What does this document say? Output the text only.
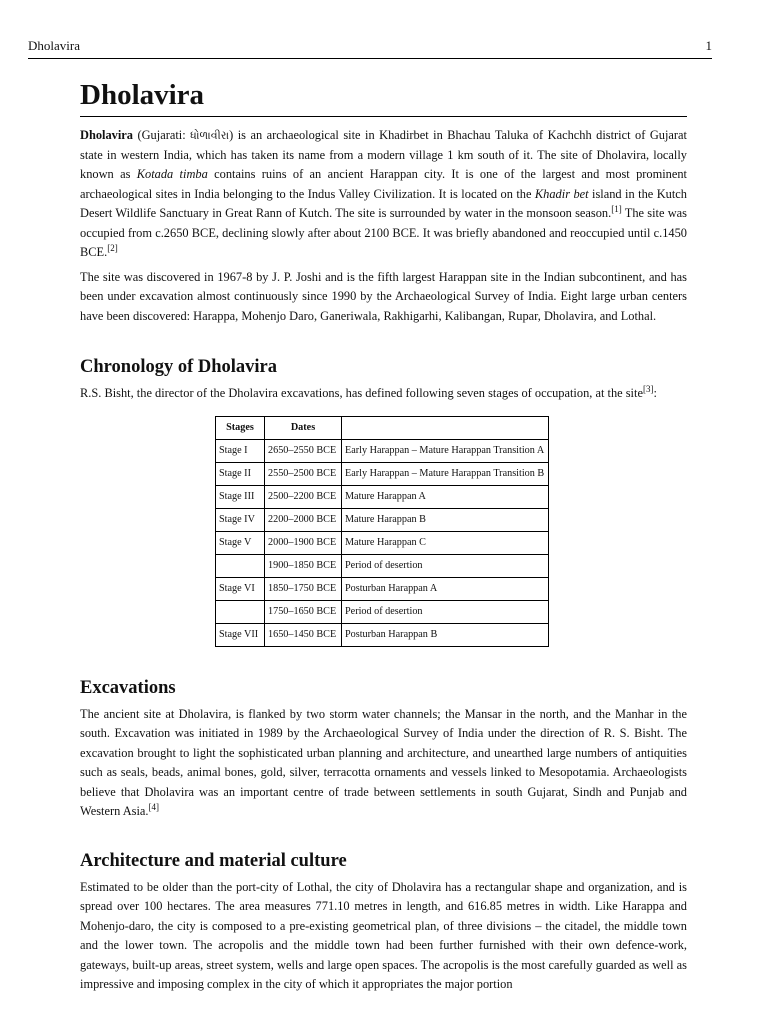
Dholavira	1
Dholavira

Dholavira (Gujarati: ધોળાવીરા) is an archaeological site in Khadirbet in Bhachau Taluka of Kachchh district of Gujarat state in western India, which has taken its name from a modern village 1 km south of it. The site of Dholavira, locally known as Kotada timba contains ruins of an ancient Harappan city. It is one of the largest and most prominent archaeological sites in India belonging to the Indus Valley Civilization. It is located on the Khadir bet island in the Kutch Desert Wildlife Sanctuary in Great Rann of Kutch. The site is surrounded by water in the monsoon season.[1] The site was occupied from c.2650 BCE, declining slowly after about 2100 BCE. It was briefly abandoned and reoccupied until c.1450 BCE.[2]

The site was discovered in 1967-8 by J. P. Joshi and is the fifth largest Harappan site in the Indian subcontinent, and has been under excavation almost continuously since 1990 by the Archaeological Survey of India. Eight large urban centers have been discovered: Harappa, Mohenjo Daro, Ganeriwala, Rakhigarhi, Kalibangan, Rupar, Dholavira, and Lothal.

Chronology of Dholavira

R.S. Bisht, the director of the Dholavira excavations, has defined following seven stages of occupation, at the site[3]:

Stages	Dates	
Stage I	2650–2550 BCE	Early Harappan – Mature Harappan Transition A
Stage II	2550–2500 BCE	Early Harappan – Mature Harappan Transition B
Stage III	2500–2200 BCE	Mature Harappan A
Stage IV	2200–2000 BCE	Mature Harappan B
Stage V	2000–1900 BCE	Mature Harappan C
	1900–1850 BCE	Period of desertion
Stage VI	1850–1750 BCE	Posturban Harappan A
	1750–1650 BCE	Period of desertion
Stage VII	1650–1450 BCE	Posturban Harappan B
Excavations

The ancient site at Dholavira, is flanked by two storm water channels; the Mansar in the north, and the Manhar in the south. Excavation was initiated in 1989 by the Archaeological Survey of India under the direction of R. S. Bisht. The excavation brought to light the sophisticated urban planning and architecture, and unearthed large numbers of antiquities such as seals, beads, animal bones, gold, silver, terracotta ornaments and vessels linked to Mesopotamia. Archaeologists believe that Dholavira was an important centre of trade between settlements in south Gujarat, Sindh and Punjab and Western Asia.[4]

Architecture and material culture

Estimated to be older than the port-city of Lothal, the city of Dholavira has a rectangular shape and organization, and is spread over 100 hectares. The area measures 771.10 metres in length, and 616.85 metres in width. Like Harappa and Mohenjo-daro, the city is composed to a pre-existing geometrical plan, of three divisions – the citadel, the middle town and the lower town. The acropolis and the middle town had been further furnished with their own defence-work, gateways, built-up areas, street system, wells and large open spaces. The acropolis is the most carefully guarded as well as impressive and imposing complex in the city of which it appropriates the major portion
